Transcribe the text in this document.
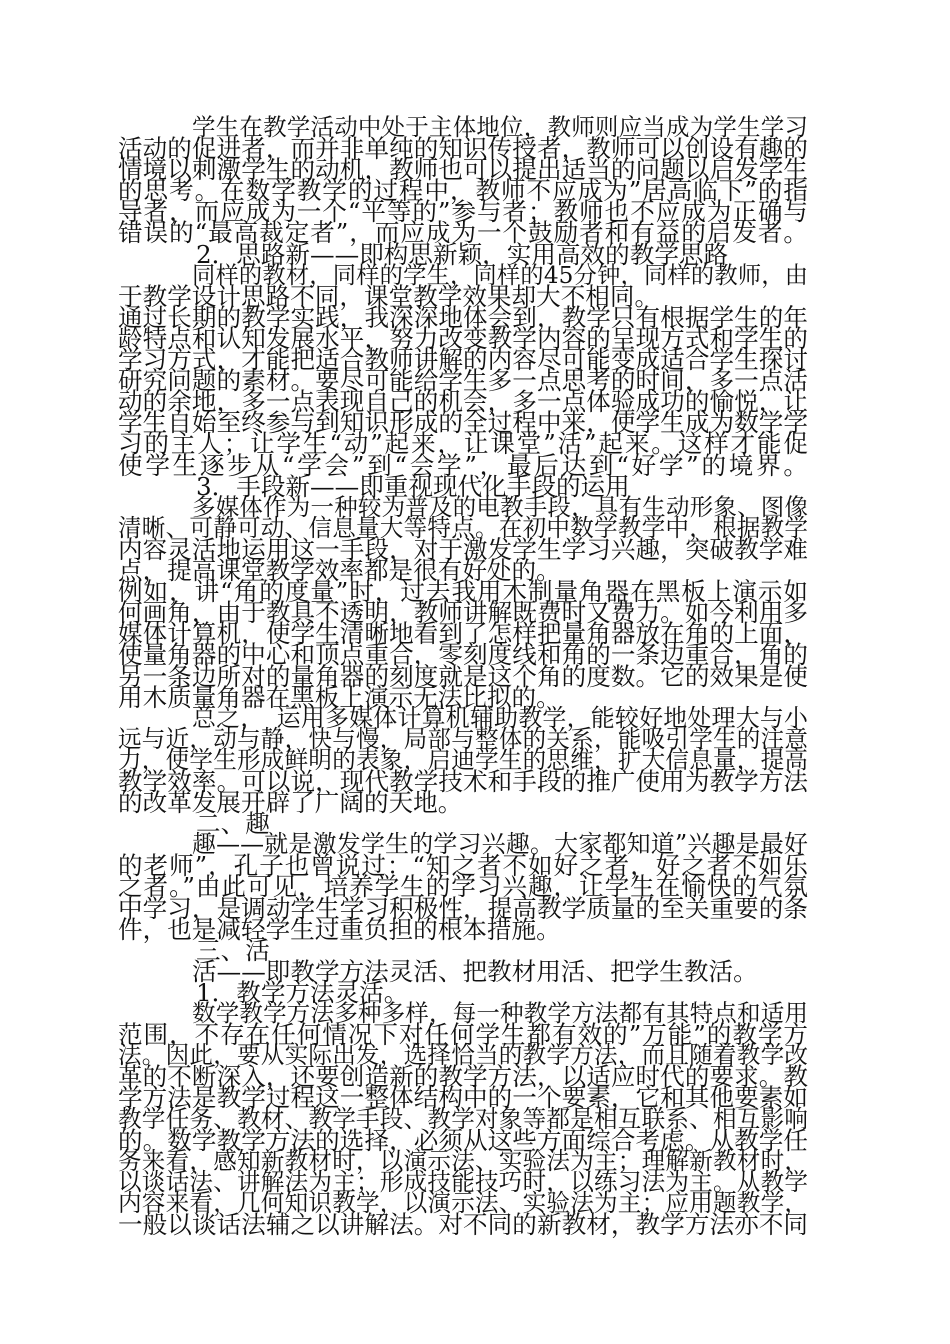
学生在教学活动中处于主体地位，教师则应当成为学生学习

活动的促进者，而并非单纯的知识传授者，教师可以创设有趣的

情境以刺激学生的动机，教师也可以提出适当的问题以启发学生

的思考。在数学教学的过程中，教师不应成为”居高临下”的指

导者，而应成为一个“平等的”参与者；教师也不应成为正确与

错误的“最高裁定者”，而应成为一个鼓励者和有益的启发者。

2．思路新——即构思新颖，实用高效的教学思路

同样的教材，同样的学生，同样的45分钟，同样的教师，由

于教学设计思路不同，课堂教学效果却大不相同。

通过长期的教学实践，我深深地体会到，教学只有根据学生的年

龄特点和认知发展水平，努力改变教学内容的呈现方式和学生的

学习方式，才能把适合教师讲解的内容尽可能变成适合学生探讨

研究问题的素材。要尽可能给学生多一点思考的时间，多一点活

动的余地，多一点表现自己的机会，多一点体验成功的愉悦，让

学生自始至终参与到知识形成的全过程中来，使学生成为数学学

习的主人；让学生“动”起来，让课堂”活”起来。这样才能促

使学生逐步从“学会”到“会学”，最后达到“好学”的境界。

3．手段新——即重视现代化手段的运用

多媒体作为一种较为普及的电教手段，具有生动形象、图像

清晰、可静可动、信息量大等特点。在初中数学教学中，根据教学

内容灵活地运用这一手段，对于激发学生学习兴趣，突破教学难

点，提高课堂教学效率都是很有好处的。

例如，讲“角的度量”时，过去我用木制量角器在黑板上演示如

何画角，由于教具不透明，教师讲解既费时又费力。如今利用多

媒体计算机，使学生清晰地看到了怎样把量角器放在角的上面，

使量角器的中心和顶点重合，零刻度线和角的一条边重合，角的

另一条边所对的量角器的刻度就是这个角的度数。它的效果是使

用木质量角器在黑板上演示无法比拟的。

总之，　运用多媒体计算机辅助教学，能较好地处理大与小

远与近，动与静，快与慢，局部与整体的关系，能吸引学生的注意

力，使学生形成鲜明的表象，启迪学生的思维，扩大信息量，提高

教学效率。可以说，现代教学技术和手段的推广使用为教学方法

的改革发展开辟了广阔的天地。

二、趣

趣——就是激发学生的学习兴趣。大家都知道”兴趣是最好

的老师”，孔子也曾说过：“知之者不如好之者，好之者不如乐

之者。”由此可见，培养学生的学习兴趣，让学生在愉快的气氛

中学习，是调动学生学习积极性，提高教学质量的至关重要的条

件，也是减轻学生过重负担的根本措施。

三、活

活——即教学方法灵活、把教材用活、把学生教活。

1．教学方法灵活。

数学教学方法多种多样，每一种教学方法都有其特点和适用

范围，不存在任何情况下对任何学生都有效的”万能”的教学方

法。因此，要从实际出发，选择恰当的教学方法，而且随着教学改

革的不断深入，还要创造新的教学方法，以适应时代的要求。教

学方法是教学过程这一整体结构中的一个要素，它和其他要素如

教学任务、教材、教学手段、教学对象等都是相互联系、相互影响

的。数学教学方法的选择，必须从这些方面综合考虑。从教学任

务来看，感知新教材时，以演示法、实验法为主；理解新教材时，

以谈话法、讲解法为主；形成技能技巧时，以练习法为主。从教学

内容来看，几何知识教学，以演示法、实验法为主；应用题教学，

一般以谈话法辅之以讲解法。对不同的新教材，教学方法亦不同
